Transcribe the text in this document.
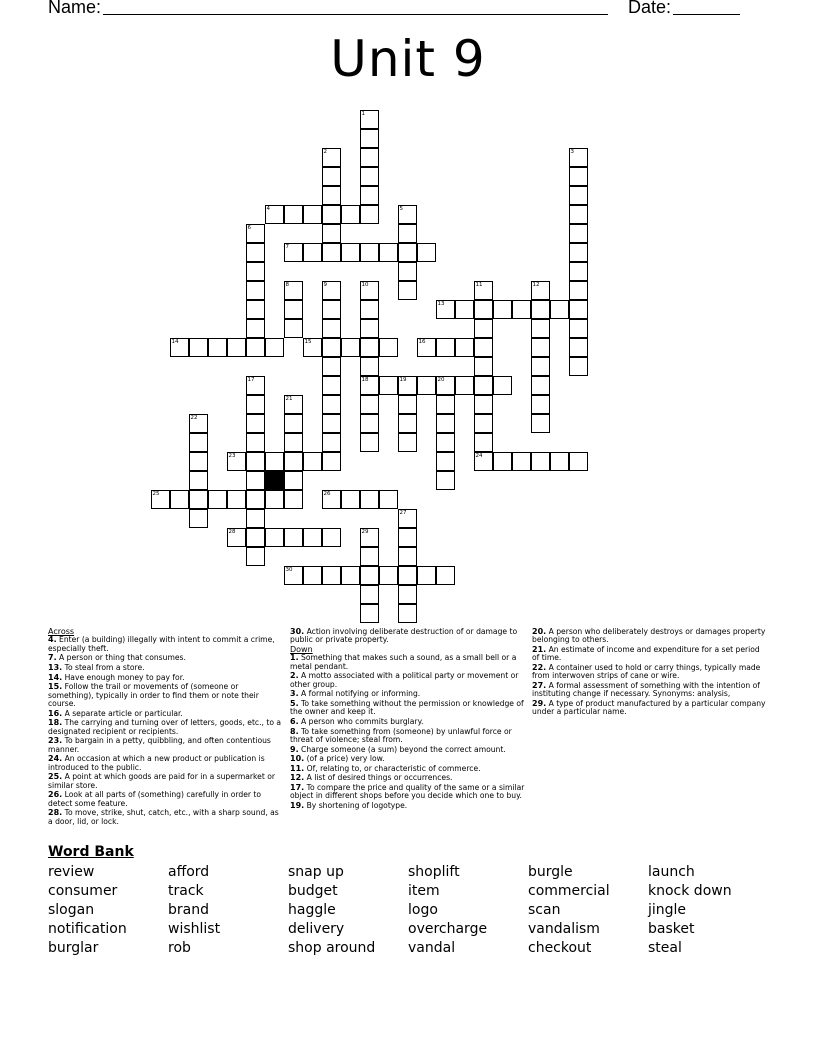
Name:	Date:
Unit 9
1
2	3
4	5
6
7
8	9	10
18
11
24
12
13
14	15	16
17	19	20
21
22
23
25	26
27
28	29
30
Across
4. Enter (a building) illegally with intent to commit a crime, especially theft.
7. A person or thing that consumes.
13. To steal from a store.
14. Have enough money to pay for.
15. Follow the trail or movements of (someone or something), typically in order to find them or note their course.
16. A separate article or particular.
18. The carrying and turning over of letters, goods, etc., to a designated recipient or recipients.
23. To bargain in a petty, quibbling, and often contentious manner.
24. An occasion at which a new product or publication is introduced to the public.
25. A point at which goods are paid for in a supermarket or similar store.
26. Look at all parts of (something) carefully in order to detect some feature.
28. To move, strike, shut, catch, etc., with a sharp sound, as a door, lid, or lock.
30. Action involving deliberate destruction of or damage to public or private property.
Down
1. Something that makes such a sound, as a small bell or a metal pendant.
2. A motto associated with a political party or movement or other group.
3. A formal notifying or informing.
5. To take something without the permission or knowledge of the owner and keep it.
6. A person who commits burglary.
8. To take something from (someone) by unlawful force or threat of violence; steal from.
9. Charge someone (a sum) beyond the correct amount.
10. (of a price) very low.
11. Of, relating to, or characteristic of commerce.
12. A list of desired things or occurrences.
17. To compare the price and quality of the same or a similar object in different shops before you decide which one to buy.
19. By shortening of logotype.
20. A person who deliberately destroys or damages property belonging to others.
21. An estimate of income and expenditure for a set period of time.
22. A container used to hold or carry things, typically made from interwoven strips of cane or wire.
27. A formal assessment of something with the intention of instituting change if necessary. Synonyms: analysis,
29. A type of product manufactured by a particular company under a particular name.
Word Bank
review	afford	snap up	shoplift	burgle	launch
consumer	track	budget	item	commercial	knock down
slogan	brand	haggle	logo	scan	jingle
notification	wishlist	delivery	overcharge	vandalism	basket
burglar	rob	shop around	vandal	checkout	steal
